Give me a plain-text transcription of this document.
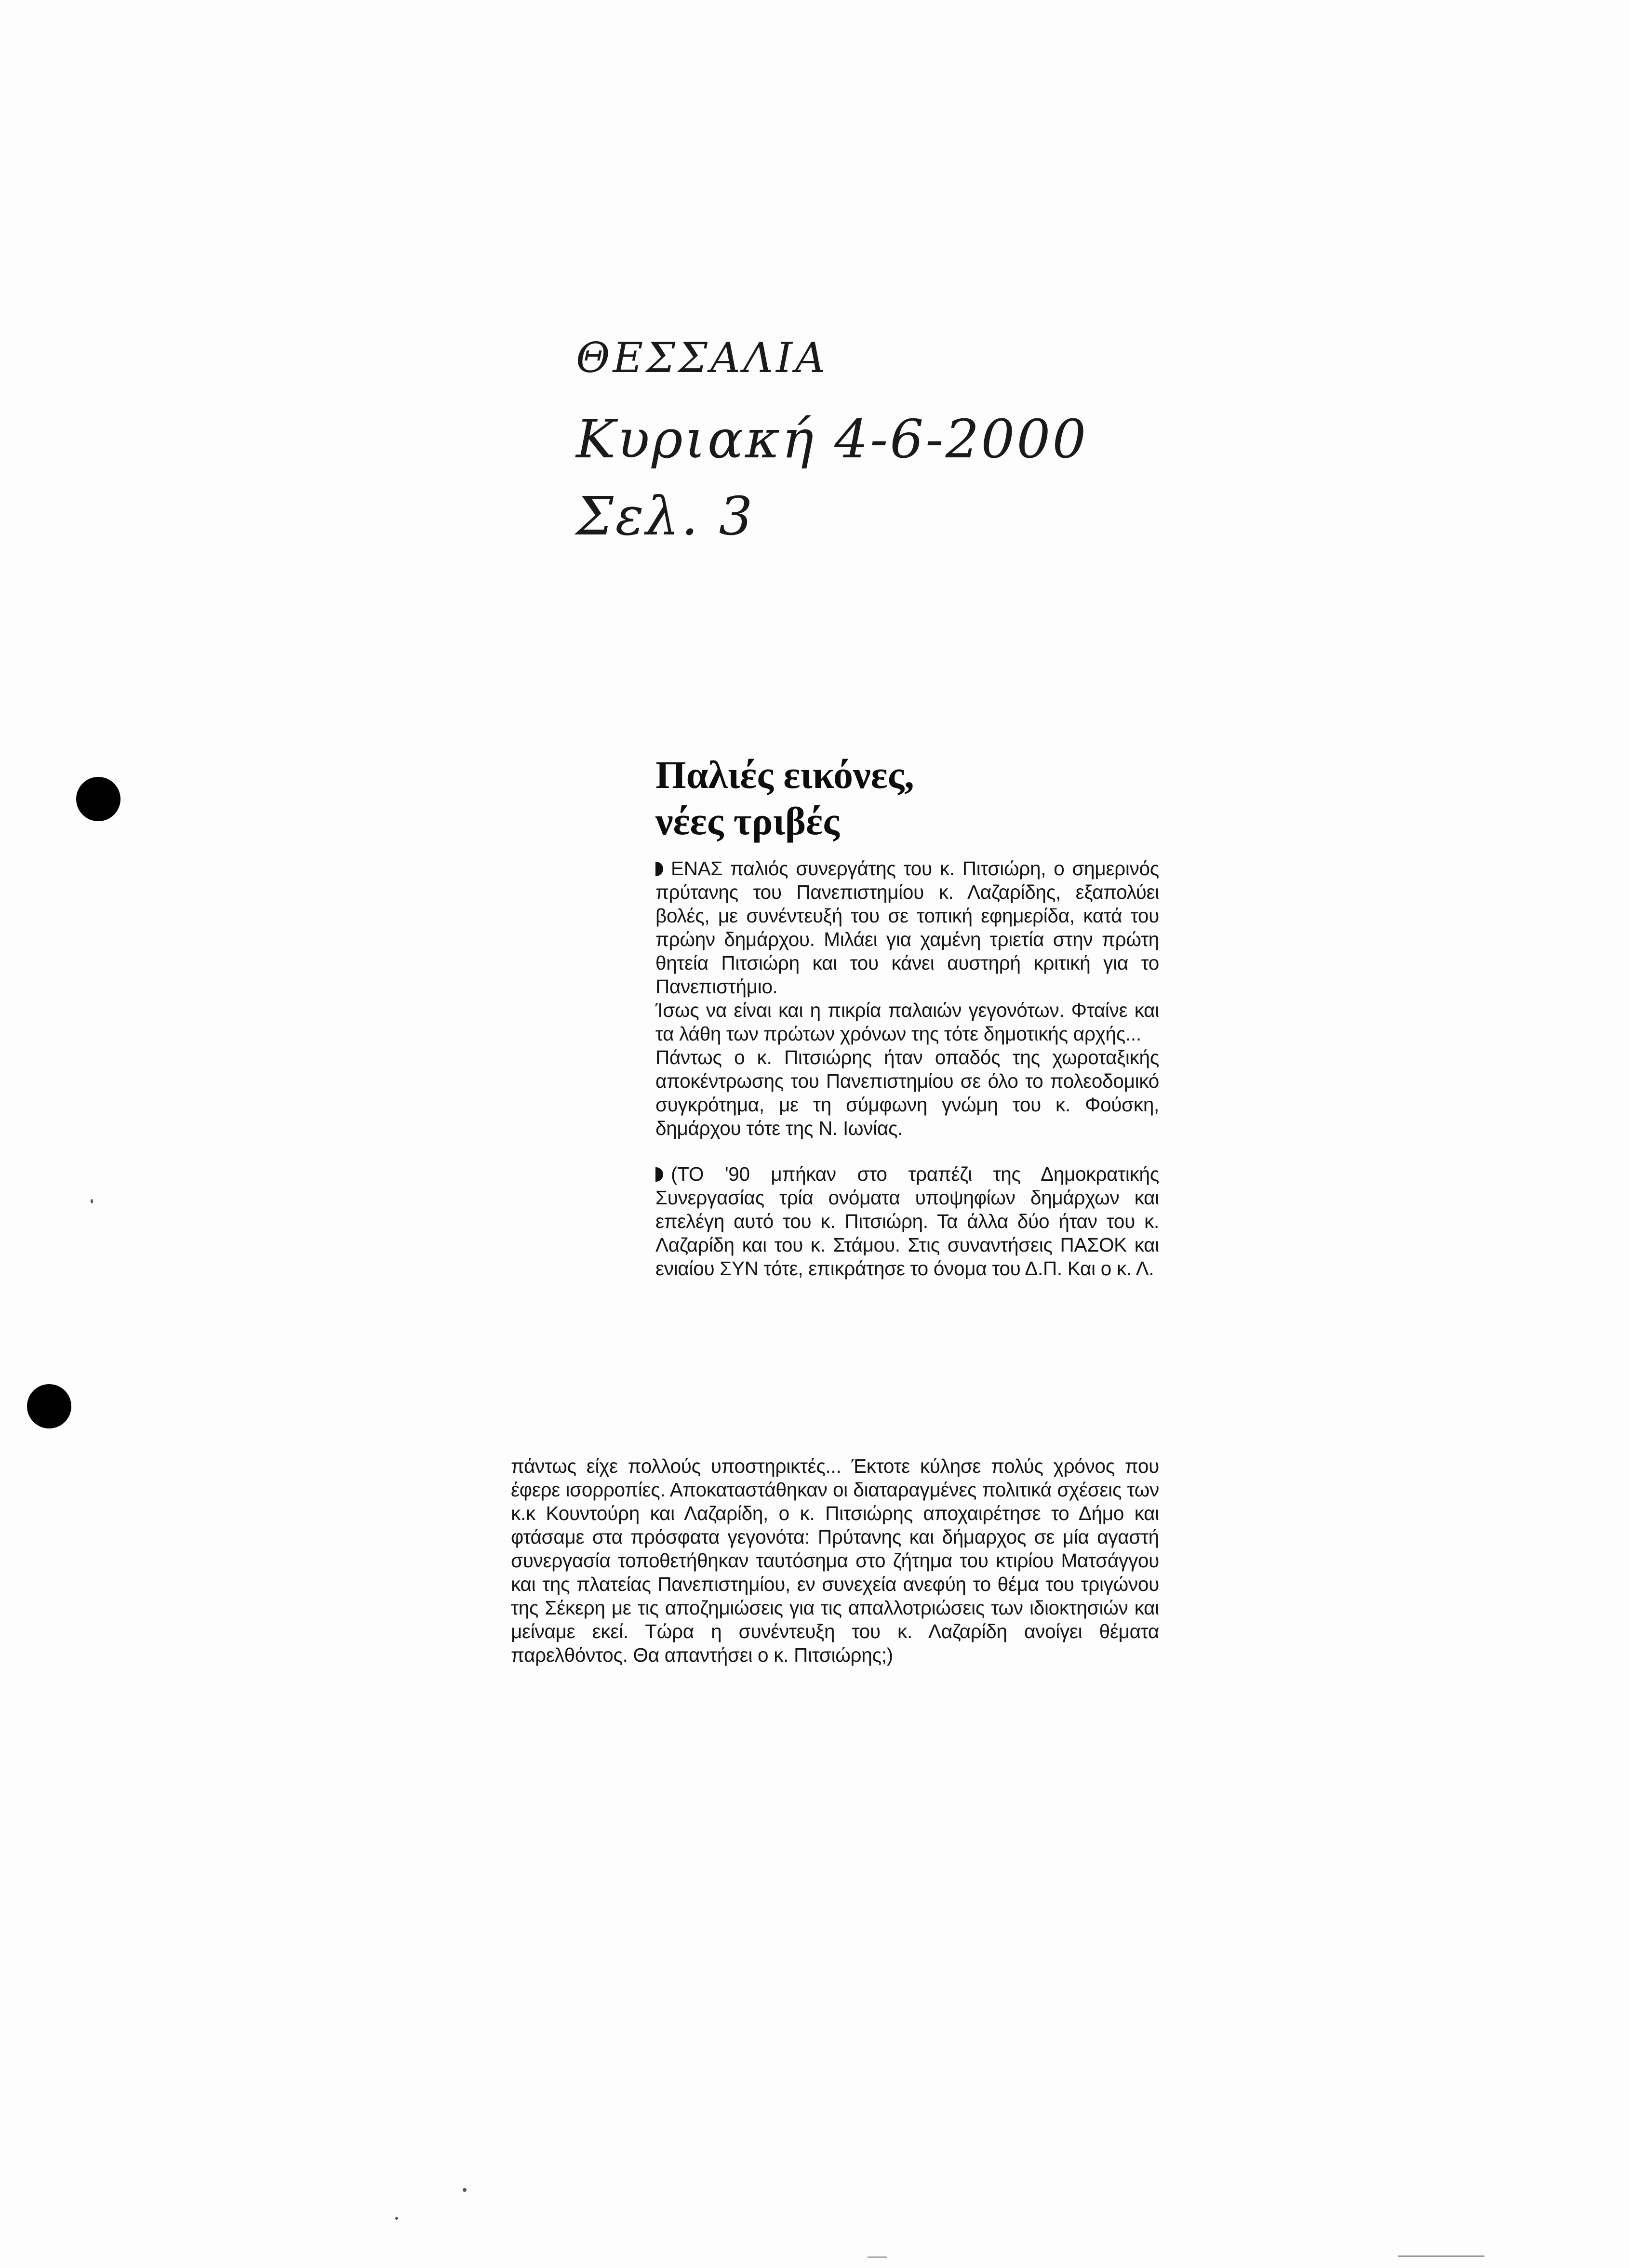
ΘΕΣΣΑΛΙΑ
Κυριακή 4-6-2000
Σελ. 3
Παλιές εικόνες,
νέες τριβές

ΕΝΑΣ παλιός συνεργάτης του κ. Πιτσιώρη, ο σημερινός πρύτανης του Πανεπιστημίου κ. Λαζαρίδης, εξαπολύει βολές, με συνέντευξή του σε τοπική εφημερίδα, κατά του πρώην δημάρχου. Μιλάει για χαμένη τριετία στην πρώτη θητεία Πιτσιώρη και του κάνει αυστηρή κριτική για το Πανεπιστήμιο.

Ίσως να είναι και η πικρία παλαιών γεγονότων. Φταίνε και τα λάθη των πρώτων χρόνων της τότε δημοτικής αρχής...

Πάντως ο κ. Πιτσιώρης ήταν οπαδός της χωροταξικής αποκέντρωσης του Πανεπιστημίου σε όλο το πολεοδομικό συγκρότημα, με τη σύμφωνη γνώμη του κ. Φούσκη, δημάρχου τότε της Ν. Ιωνίας.

(ΤΟ '90 μπήκαν στο τραπέζι της Δημοκρατικής Συνεργασίας τρία ονόματα υποψηφίων δημάρχων και επελέγη αυτό του κ. Πιτσιώρη. Τα άλλα δύο ήταν του κ. Λαζαρίδη και του κ. Στάμου. Στις συναντήσεις ΠΑΣΟΚ και ενιαίου ΣΥΝ τότε, επικράτησε το όνομα του Δ.Π. Και ο κ. Λ.

πάντως είχε πολλούς υποστηρικτές... Έκτοτε κύλησε πολύς χρόνος που έφερε ισορροπίες. Αποκαταστάθηκαν οι διαταραγμένες πολιτικά σχέσεις των κ.κ Κουντούρη και Λαζαρίδη, ο κ. Πιτσιώρης αποχαιρέτησε το Δήμο και φτάσαμε στα πρόσφατα γεγονότα: Πρύτανης και δήμαρχος σε μία αγαστή συνεργασία τοποθετήθηκαν ταυτόσημα στο ζήτημα του κτιρίου Ματσάγγου και της πλατείας Πανεπιστημίου, εν συνεχεία ανεφύη το θέμα του τριγώνου της Σέκερη με τις αποζημιώσεις για τις απαλλοτριώσεις των ιδιοκτησιών και μείναμε εκεί. Τώρα η συνέντευξη του κ. Λαζαρίδη ανοίγει θέματα παρελθόντος. Θα απαντήσει ο κ. Πιτσιώρης;)
